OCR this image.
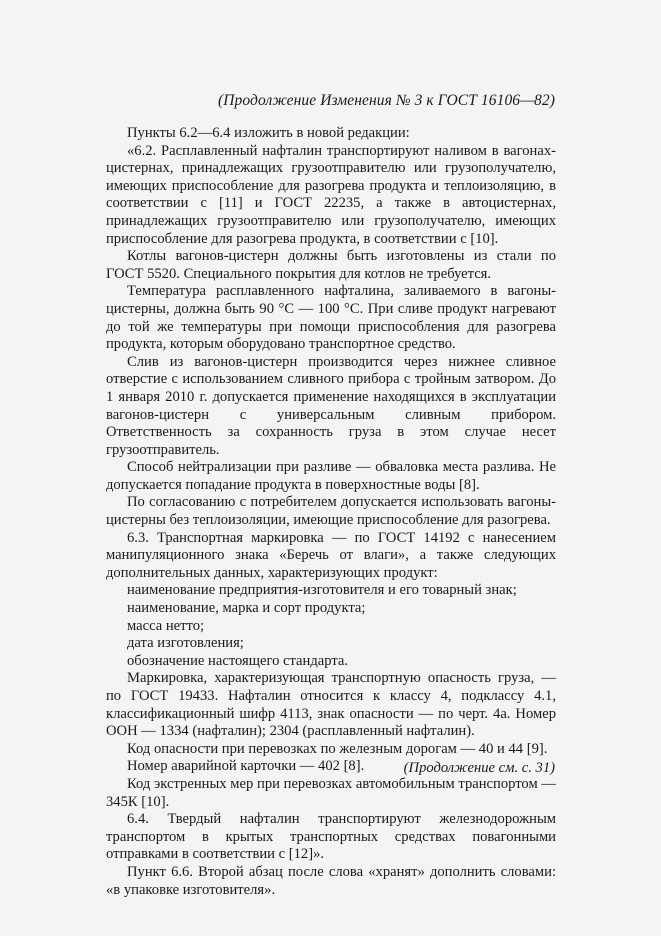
(Продолжение Изменения № 3 к ГОСТ 16106—82)

Пункты 6.2—6.4 изложить в новой редакции:

«6.2. Расплавленный нафталин транспортируют наливом в вагонах-цистернах, принадлежащих грузоотправителю или грузополучателю, имеющих приспособление для разогрева продукта и теплоизоляцию, в соответствии с [11] и ГОСТ 22235, а также в автоцистернах, принадлежащих грузоотправителю или грузополучателю, имеющих приспособление для разогрева продукта, в соответствии с [10].

Котлы вагонов-цистерн должны быть изготовлены из стали по ГОСТ 5520. Специального покрытия для котлов не требуется.

Температура расплавленного нафталина, заливаемого в вагоны-цистерны, должна быть 90 °С — 100 °С. При сливе продукт нагревают до той же температуры при помощи приспособления для разогрева продукта, которым оборудовано транспортное средство.

Слив из вагонов-цистерн производится через нижнее сливное отверстие с использованием сливного прибора с тройным затвором. До 1 января 2010 г. допускается применение находящихся в эксплуатации вагонов-цистерн с универсальным сливным прибором. Ответственность за сохранность груза в этом случае несет грузоотправитель.

Способ нейтрализации при разливе — обваловка места разлива. Не допускается попадание продукта в поверхностные воды [8].

По согласованию с потребителем допускается использовать вагоны-цистерны без теплоизоляции, имеющие приспособление для разогрева.

6.3. Транспортная маркировка — по ГОСТ 14192 с нанесением манипуляционного знака «Беречь от влаги», а также следующих дополнительных данных, характеризующих продукт:

наименование предприятия-изготовителя и его товарный знак;

наименование, марка и сорт продукта;

масса нетто;

дата изготовления;

обозначение настоящего стандарта.

Маркировка, характеризующая транспортную опасность груза, — по ГОСТ 19433. Нафталин относится к классу 4, подклассу 4.1, классификационный шифр 4113, знак опасности — по черт. 4а. Номер ООН — 1334 (нафталин); 2304 (расплавленный нафталин).

Код опасности при перевозках по железным дорогам — 40 и 44 [9].

Номер аварийной карточки — 402 [8].

Код экстренных мер при перевозках автомобильным транспортом — 345К [10].

6.4. Твердый нафталин транспортируют железнодорожным транспортом в крытых транспортных средствах повагонными отправками в соответствии с [12]».

Пункт 6.6. Второй абзац после слова «хранят» дополнить словами: «в упаковке изготовителя».

(Продолжение см. с. 31)
